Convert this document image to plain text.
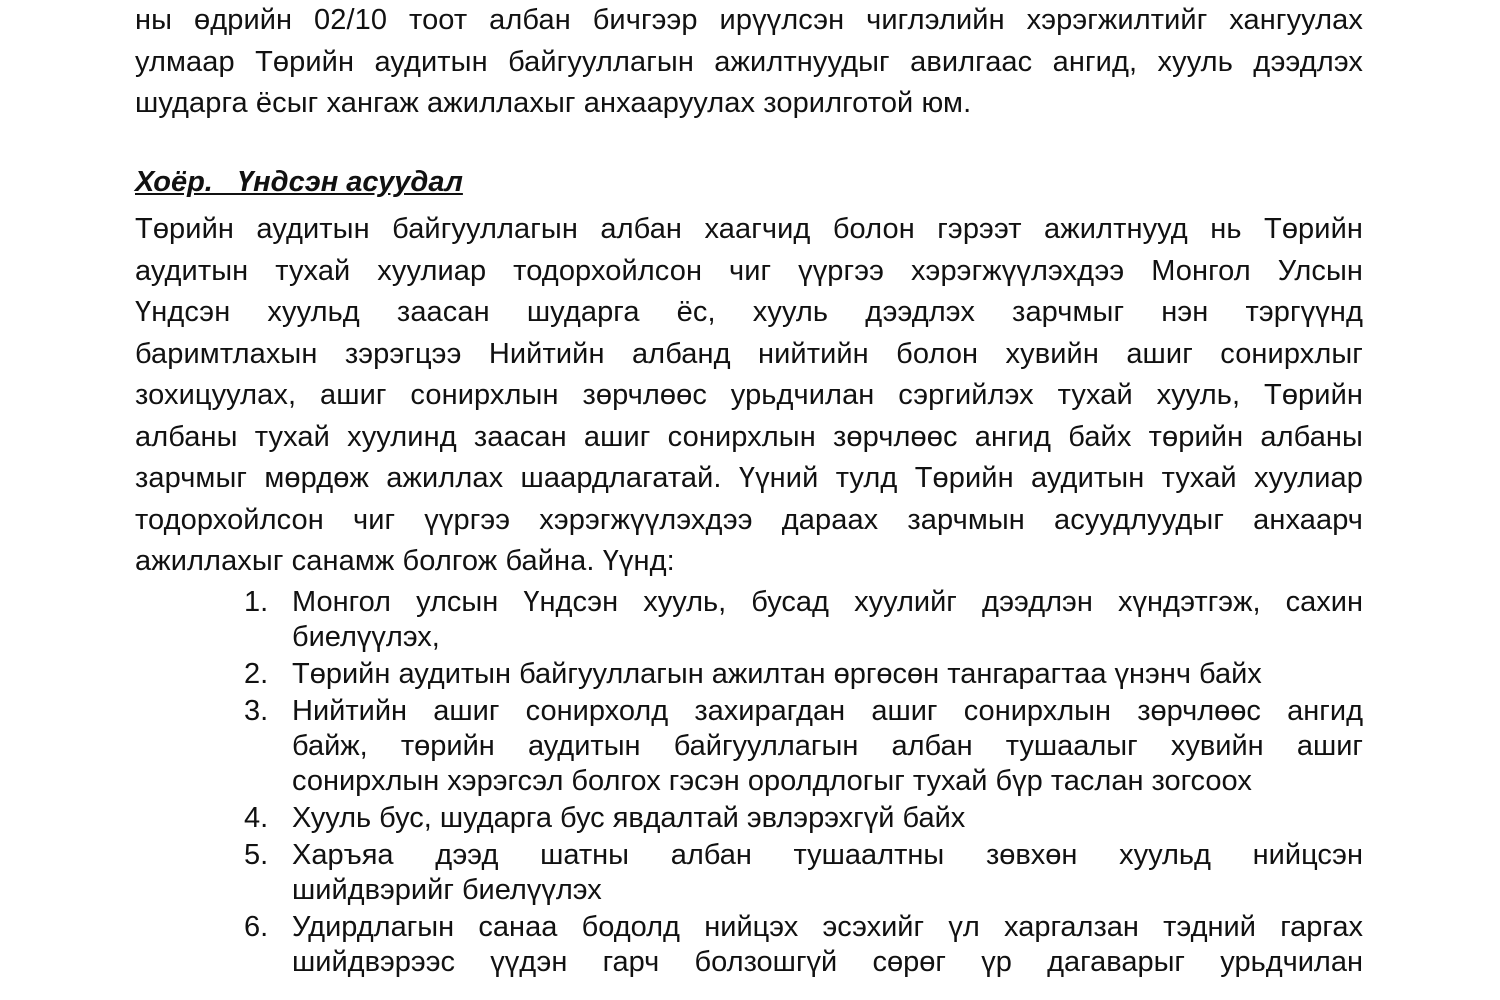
ны өдрийн 02/10 тоот албан бичгээр ирүүлсэн чиглэлийн хэрэгжилтийг хангуулах
улмаар Төрийн аудитын байгууллагын ажилтнуудыг авилгаас ангид, хууль дээдлэх
шударга ёсыг хангаж ажиллахыг анхааруулах зорилготой юм.
Хоёр.   Үндсэн асуудал
Төрийн аудитын байгууллагын албан хаагчид болон гэрээт ажилтнууд нь Төрийн
аудитын тухай хуулиар тодорхойлсон чиг үүргээ хэрэгжүүлэхдээ Монгол Улсын
Үндсэн хуульд заасан шударга ёс, хууль дээдлэх зарчмыг нэн тэргүүнд
баримтлахын зэрэгцээ Нийтийн албанд нийтийн болон хувийн ашиг сонирхлыг
зохицуулах, ашиг сонирхлын зөрчлөөс урьдчилан сэргийлэх тухай хууль, Төрийн
албаны тухай хуулинд заасан ашиг сонирхлын зөрчлөөс ангид байх төрийн албаны
зарчмыг мөрдөж ажиллах шаардлагатай. Үүний тулд Төрийн аудитын тухай хуулиар
тодорхойлсон чиг үүргээ хэрэгжүүлэхдээ дараах зарчмын асуудлуудыг анхаарч
ажиллахыг санамж болгож байна. Үүнд:
1. Монгол улсын Үндсэн хууль, бусад хуулийг дээдлэн хүндэтгэж, сахин
биелүүлэх,
2. Төрийн аудитын байгууллагын ажилтан өргөсөн тангарагтаа үнэнч байх
3. Нийтийн ашиг сонирхолд захирагдан ашиг сонирхлын зөрчлөөс ангид
байж, төрийн аудитын байгууллагын албан тушаалыг хувийн ашиг
сонирхлын хэрэгсэл болгох гэсэн оролдлогыг тухай бүр таслан зогсоох
4. Хууль бус, шударга бус явдалтай эвлэрэхгүй байх
5. Харъяа дээд шатны албан тушаалтны зөвхөн хуульд нийцсэн
шийдвэрийг биелүүлэх
6. Удирдлагын санаа бодолд нийцэх эсэхийг үл харгалзан тэдний гаргах
шийдвэрээс үүдэн гарч болзошгүй сөрөг үр дагаварыг урьдчилан
